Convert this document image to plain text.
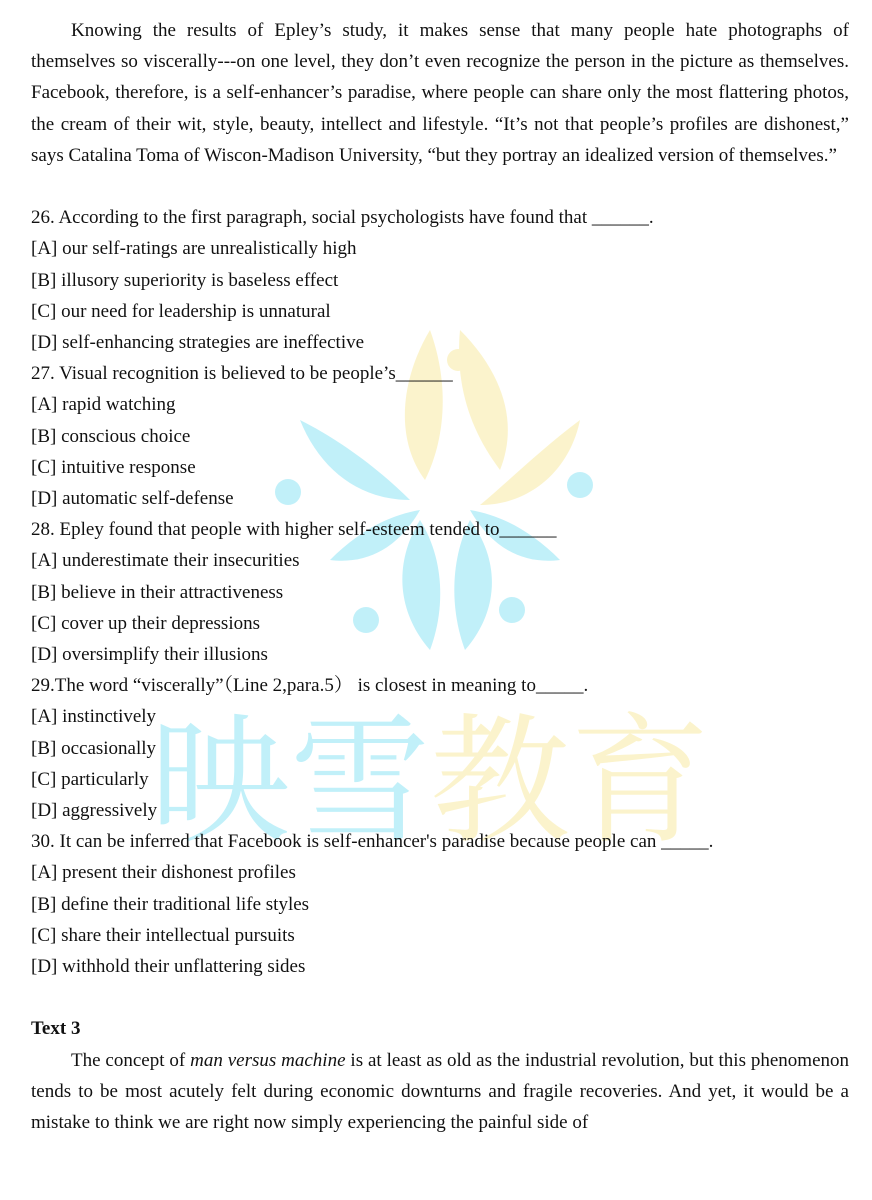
映雪教育

Knowing the results of Epley’s study, it makes sense that many people hate photographs of themselves so viscerally---on one level, they don’t even recognize the person in the picture as themselves. Facebook, therefore, is a self-enhancer’s paradise, where people can share only the most flattering photos, the cream of their wit, style, beauty, intellect and lifestyle. “It’s not that people’s profiles are dishonest,” says Catalina Toma of Wiscon-Madison University, “but they portray an idealized version of themselves.”

26. According to the first paragraph, social psychologists have found that ______.
[A] our self-ratings are unrealistically high
[B] illusory superiority is baseless effect
[C] our need for leadership is unnatural
[D] self-enhancing strategies are ineffective
27. Visual recognition is believed to be people’s______
[A] rapid watching
[B] conscious choice
[C] intuitive response
[D] automatic self-defense
28. Epley found that people with higher self-esteem tended to______
[A] underestimate their insecurities
[B] believe in their attractiveness
[C] cover up their depressions
[D] oversimplify their illusions
29.The word “viscerally”（Line 2,para.5） is closest in meaning to_____.
[A] instinctively
[B] occasionally
[C] particularly
[D] aggressively
30. It can be inferred that Facebook is self-enhancer's paradise because people can _____.
[A] present their dishonest profiles
[B] define their traditional life styles
[C] share their intellectual pursuits
[D] withhold their unflattering sides
Text 3

The concept of man versus machine is at least as old as the industrial revolution, but this phenomenon tends to be most acutely felt during economic downturns and fragile recoveries. And yet, it would be a mistake to think we are right now simply experiencing the painful side of
